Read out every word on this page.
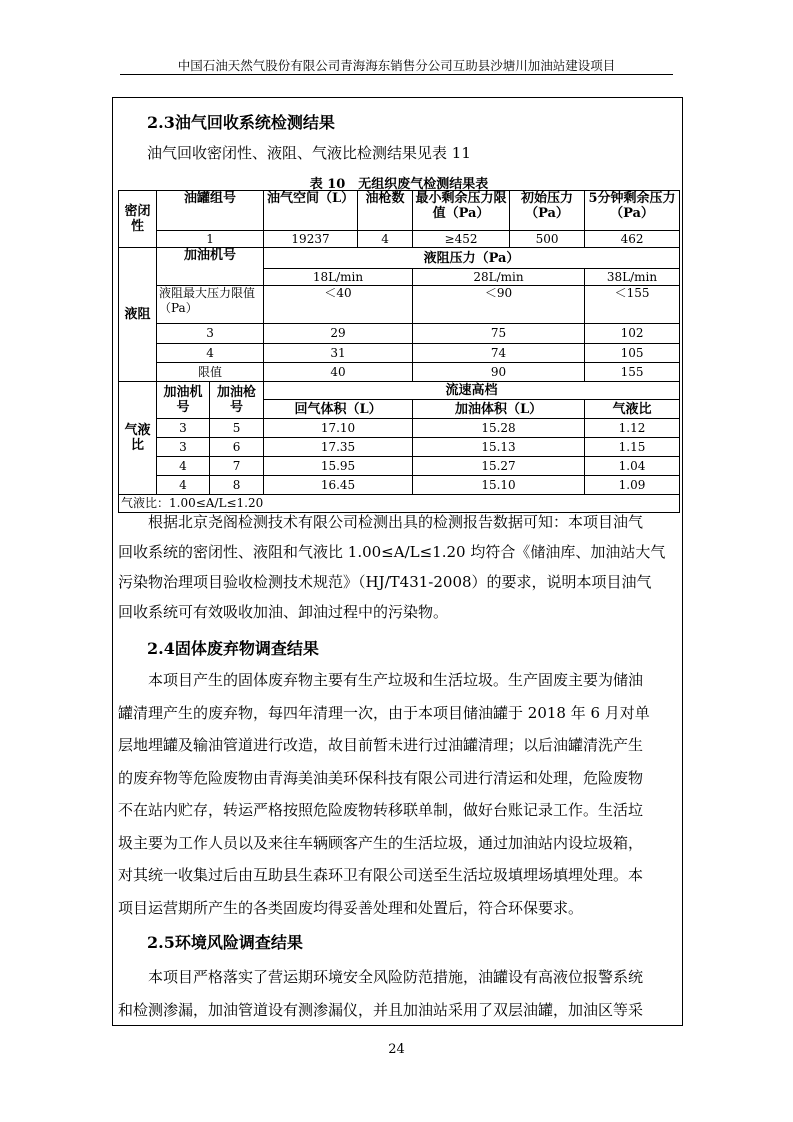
中国石油天然气股份有限公司青海海东销售分公司互助县沙塘川加油站建设项目
2.3油气回收系统检测结果
油气回收密闭性、液阻、气液比检测结果见表 11
表 10　无组织废气检测结果表
密闭性	油罐组号		油气空间（L）	油枪数	最小剩余压力限值（Pa）	初始压力（Pa）	5分钟剩余压力（Pa）
	1		19237	4	≥452	500	462
液阻	加油机号		液阻压力（Pa）				
			18L/min		28L/min		38L/min
	液阻最大压力限值（Pa）		＜40		＜90		＜155
	3		29		75		102
	4		31		74		105
	限值		40		90		155
气液比	加油机号	加油枪号	流速高档				
			回气体积（L）		加油体积（L）		气液比
	3	5	17.10		15.28		1.12
	3	6	17.35		15.13		1.15
	4	7	15.95		15.27		1.04
	4	8	16.45		15.10		1.09
气液比：1.00≤A/L≤1.20							
　　根据北京尧阁检测技术有限公司检测出具的检测报告数据可知：本项目油气
回收系统的密闭性、液阻和气液比 1.00≤A/L≤1.20 均符合《储油库、加油站大气
污染物治理项目验收检测技术规范》（HJ/T431-2008）的要求，说明本项目油气
回收系统可有效吸收加油、卸油过程中的污染物。
2.4固体废弃物调查结果
　　本项目产生的固体废弃物主要有生产垃圾和生活垃圾。生产固废主要为储油
罐清理产生的废弃物，每四年清理一次，由于本项目储油罐于 2018 年 6 月对单
层地埋罐及输油管道进行改造，故目前暂未进行过油罐清理；以后油罐清洗产生
的废弃物等危险废物由青海美油美环保科技有限公司进行清运和处理，危险废物
不在站内贮存，转运严格按照危险废物转移联单制，做好台账记录工作。生活垃
圾主要为工作人员以及来往车辆顾客产生的生活垃圾，通过加油站内设垃圾箱，
对其统一收集过后由互助县生森环卫有限公司送至生活垃圾填埋场填埋处理。本
项目运营期所产生的各类固废均得妥善处理和处置后，符合环保要求。
2.5环境风险调查结果
　　本项目严格落实了营运期环境安全风险防范措施，油罐设有高液位报警系统
和检测渗漏，加油管道设有测渗漏仪，并且加油站采用了双层油罐，加油区等采
24
